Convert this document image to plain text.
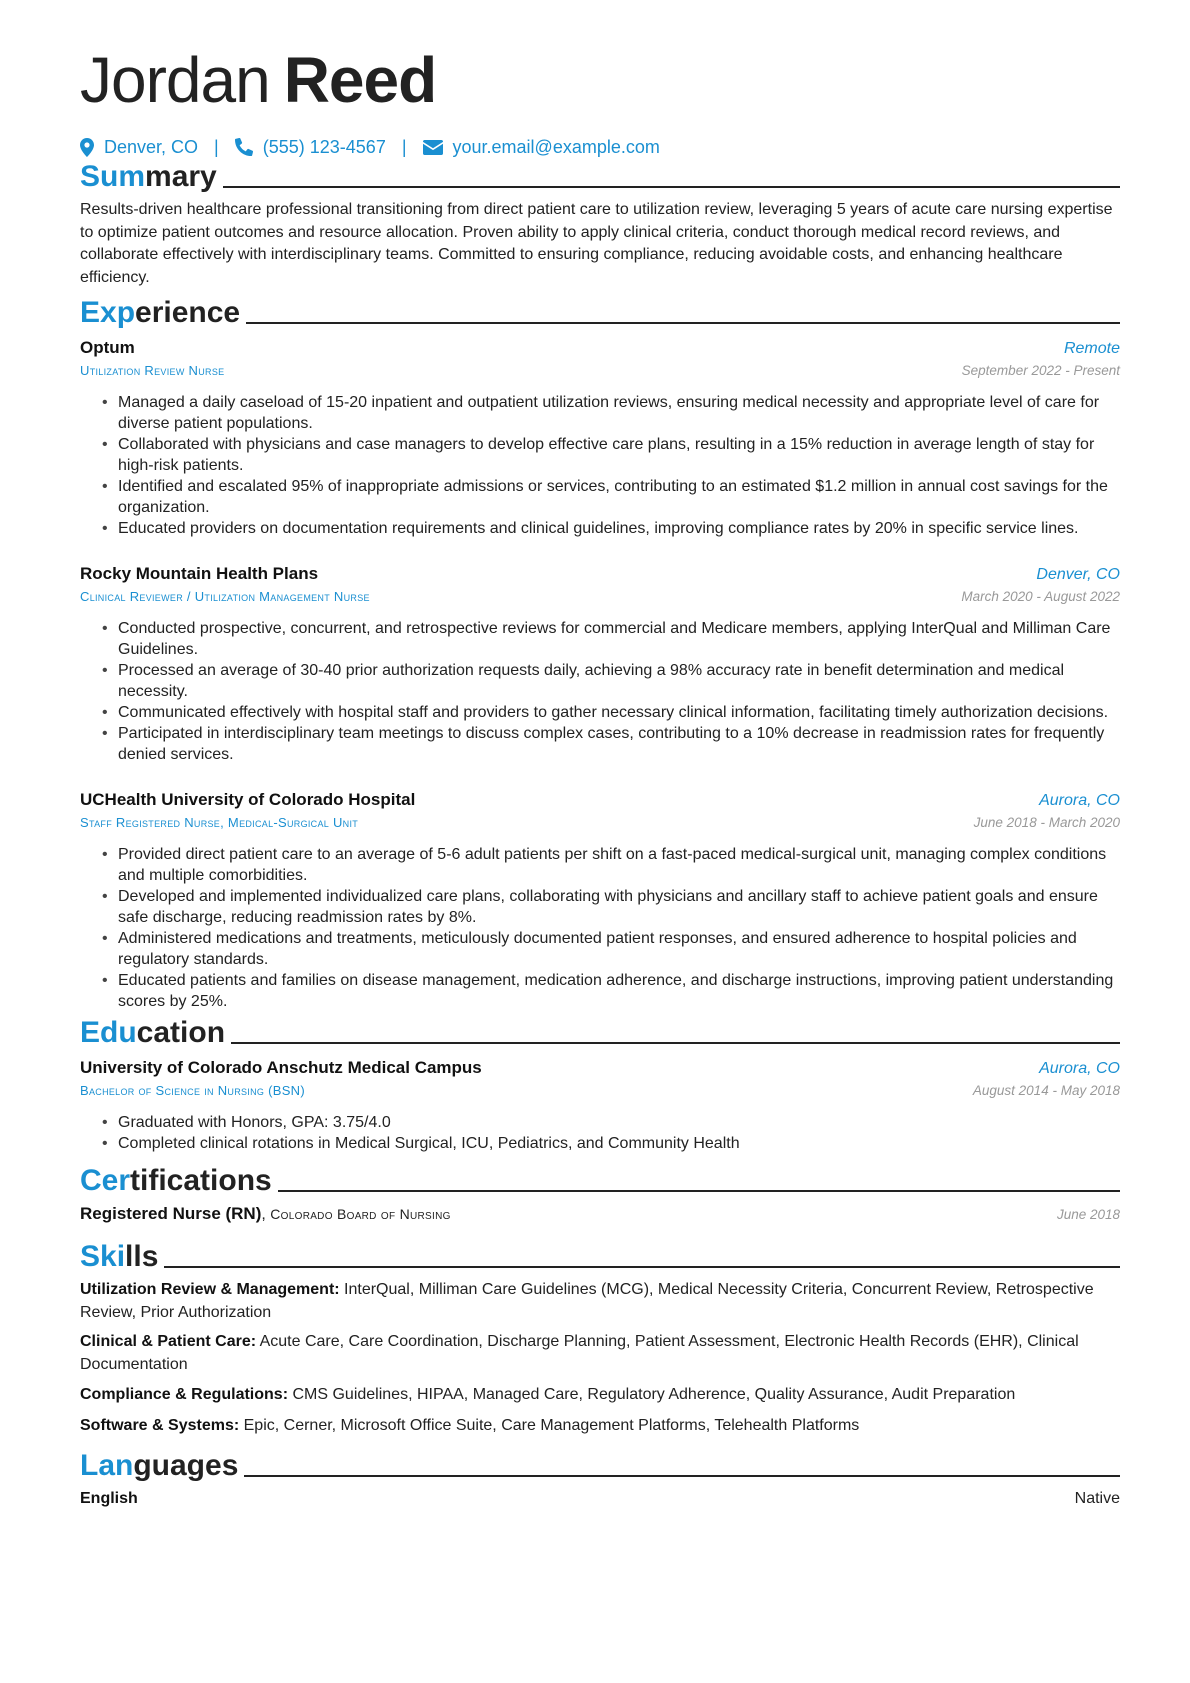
Jordan Reed
Denver, CO | (555) 123-4567 |	your.email@example.com
Summary
Results-driven healthcare professional transitioning from direct patient care to utilization review, leveraging 5 years of acute care nursing expertise to optimize patient outcomes and resource allocation. Proven ability to apply clinical criteria, conduct thorough medical record reviews, and collaborate effectively with interdisciplinary teams. Committed to ensuring compliance, reducing avoidable costs, and enhancing healthcare efficiency.
Experience
Optum	Remote
Utilization Review Nurse	September 2022 - Present
• Managed a daily caseload of 15-20 inpatient and outpatient utilization reviews, ensuring medical necessity and appropriate level of care for diverse patient populations.
• Collaborated with physicians and case managers to develop effective care plans, resulting in a 15% reduction in average length of stay for high-risk patients.
• Identified and escalated 95% of inappropriate admissions or services, contributing to an estimated $1.2 million in annual cost savings for the organization.
• Educated providers on documentation requirements and clinical guidelines, improving compliance rates by 20% in specific service lines.
Rocky Mountain Health Plans	Denver, CO
Clinical Reviewer / Utilization Management Nurse	March 2020 - August 2022
• Conducted prospective, concurrent, and retrospective reviews for commercial and Medicare members, applying InterQual and Milliman Care Guidelines.
• Processed an average of 30-40 prior authorization requests daily, achieving a 98% accuracy rate in benefit determination and medical necessity.
• Communicated effectively with hospital staff and providers to gather necessary clinical information, facilitating timely authorization decisions.
• Participated in interdisciplinary team meetings to discuss complex cases, contributing to a 10% decrease in readmission rates for frequently denied services.
UCHealth University of Colorado Hospital	Aurora, CO
Staff Registered Nurse, Medical-Surgical Unit	June 2018 - March 2020
• Provided direct patient care to an average of 5-6 adult patients per shift on a fast-paced medical-surgical unit, managing complex conditions and multiple comorbidities.
• Developed and implemented individualized care plans, collaborating with physicians and ancillary staff to achieve patient goals and ensure safe discharge, reducing readmission rates by 8%.
• Administered medications and treatments, meticulously documented patient responses, and ensured adherence to hospital policies and regulatory standards.
• Educated patients and families on disease management, medication adherence, and discharge instructions, improving patient understanding scores by 25%.
Education
University of Colorado Anschutz Medical Campus	Aurora, CO
Bachelor of Science in Nursing (BSN)	August 2014 - May 2018
• Graduated with Honors, GPA: 3.75/4.0
• Completed clinical rotations in Medical Surgical, ICU, Pediatrics, and Community Health
Certifications
Registered Nurse (RN), Colorado Board of Nursing	June 2018
Skills
Utilization Review & Management: InterQual, Milliman Care Guidelines (MCG), Medical Necessity Criteria, Concurrent Review, Retrospective Review, Prior Authorization
Clinical & Patient Care: Acute Care, Care Coordination, Discharge Planning, Patient Assessment, Electronic Health Records (EHR), Clinical Documentation
Compliance & Regulations: CMS Guidelines, HIPAA, Managed Care, Regulatory Adherence, Quality Assurance, Audit Preparation
Software & Systems: Epic, Cerner, Microsoft Office Suite, Care Management Platforms, Telehealth Platforms
Languages
English	Native
